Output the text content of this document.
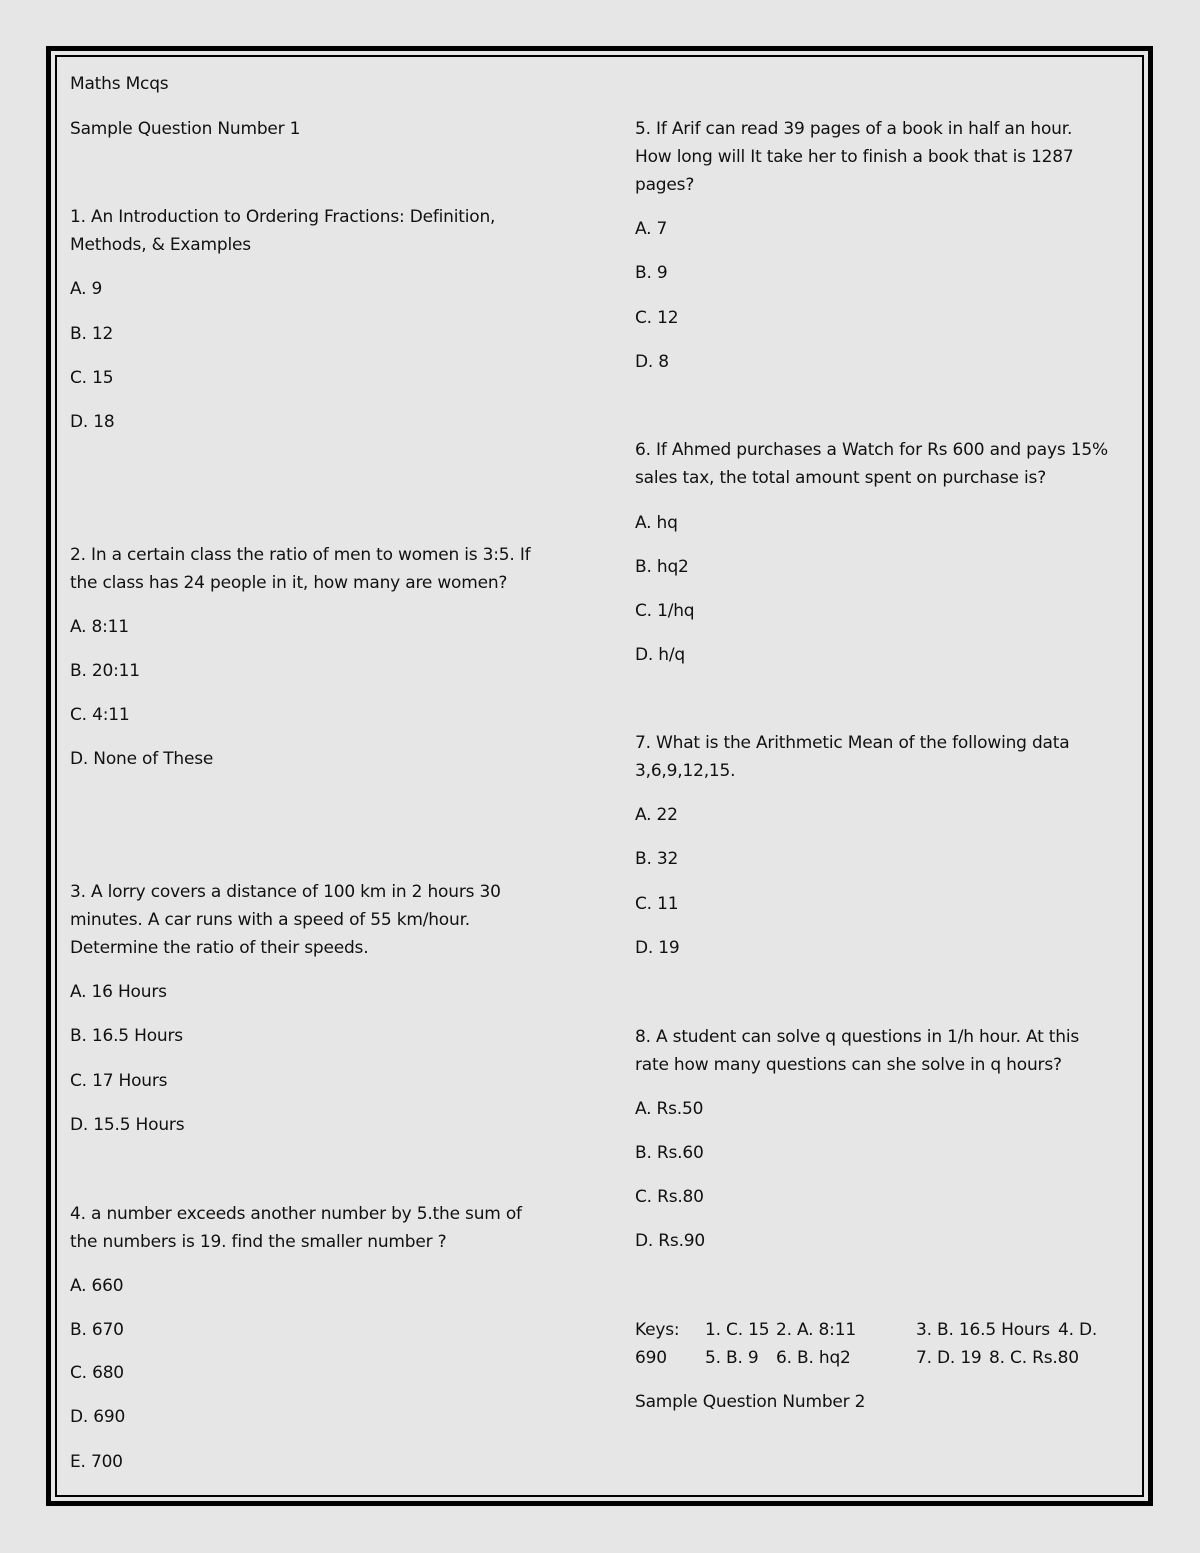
Maths Mcqs
Sample Question Number 1
1. An Introduction to Ordering Fractions: Definition,
Methods, & Examples
A. 9
B. 12
C. 15
D. 18
2. In a certain class the ratio of men to women is 3:5. If
the class has 24 people in it, how many are women?
A. 8:11
B. 20:11
C. 4:11
D. None of These
3. A lorry covers a distance of 100 km in 2 hours 30
minutes. A car runs with a speed of 55 km/hour.
Determine the ratio of their speeds.
A. 16 Hours
B. 16.5 Hours
C. 17 Hours
D. 15.5 Hours
4. a number exceeds another number by 5.the sum of
the numbers is 19. find the smaller number ?
A. 660
B. 670
C. 680
D. 690
E. 700
5. If Arif can read 39 pages of a book in half an hour.
How long will It take her to finish a book that is 1287
pages?
A. 7
B. 9
C. 12
D. 8
6. If Ahmed purchases a Watch for Rs 600 and pays 15%
sales tax, the total amount spent on purchase is?
A. hq
B. hq2
C. 1/hq
D. h/q
7. What is the Arithmetic Mean of the following data
3,6,9,12,15.
A. 22
B. 32
C. 11
D. 19
8. A student can solve q questions in 1/h hour. At this
rate how many questions can she solve in q hours?
A. Rs.50
B. Rs.60
C. Rs.80
D. Rs.90
Keys: 1. C. 15 2. A. 8:11	3. B. 16.5 Hours 4. D.
690 5. B. 9 6. B. hq2	7. D. 19 8. C. Rs.80
Sample Question Number 2
